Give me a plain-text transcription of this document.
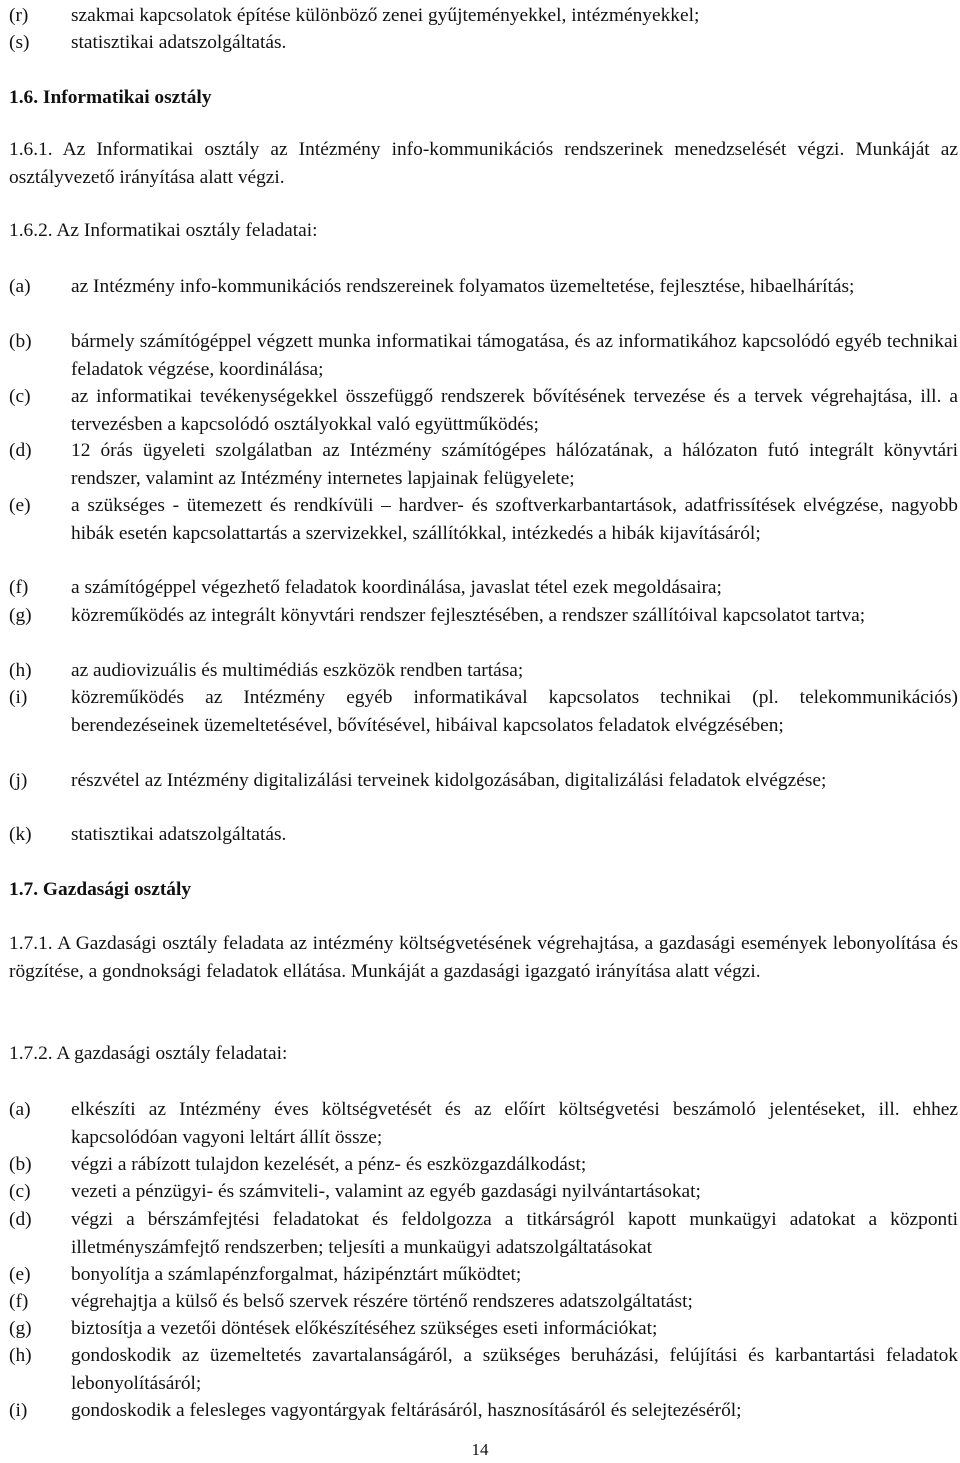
(r) szakmai kapcsolatok építése különböző zenei gyűjteményekkel, intézményekkel;
(s) statisztikai adatszolgáltatás.
1.6. Informatikai osztály
1.6.1. Az Informatikai osztály az Intézmény info-kommunikációs rendszerinek menedzselését végzi. Munkáját az osztályvezető irányítása alatt végzi.
1.6.2. Az Informatikai osztály feladatai:
(a) az Intézmény info-kommunikációs rendszereinek folyamatos üzemeltetése, fejlesztése, hibaelhárítás;
(b) bármely számítógéppel végzett munka informatikai támogatása, és az informatikához kapcsolódó egyéb technikai feladatok végzése, koordinálása;
(c) az informatikai tevékenységekkel összefüggő rendszerek bővítésének tervezése és a tervek végrehajtása, ill. a tervezésben a kapcsolódó osztályokkal való együttműködés;
(d) 12 órás ügyeleti szolgálatban az Intézmény számítógépes hálózatának, a hálózaton futó integrált könyvtári rendszer, valamint az Intézmény internetes lapjainak felügyelete;
(e) a szükséges - ütemezett és rendkívüli – hardver- és szoftverkarbantartások, adatfrissítések elvégzése, nagyobb hibák esetén kapcsolattartás a szervizekkel, szállítókkal, intézkedés a hibák kijavításáról;
(f) a számítógéppel végezhető feladatok koordinálása, javaslat tétel ezek megoldásaira;
(g) közreműködés az integrált könyvtári rendszer fejlesztésében, a rendszer szállítóival kapcsolatot tartva;
(h) az audiovizuális és multimédiás eszközök rendben tartása;
(i) közreműködés az Intézmény egyéb informatikával kapcsolatos technikai (pl. telekommunikációs) berendezéseinek üzemeltetésével, bővítésével, hibáival kapcsolatos feladatok elvégzésében;
(j) részvétel az Intézmény digitalizálási terveinek kidolgozásában, digitalizálási feladatok elvégzése;
(k) statisztikai adatszolgáltatás.
1.7. Gazdasági osztály
1.7.1. A Gazdasági osztály feladata az intézmény költségvetésének végrehajtása, a gazdasági események lebonyolítása és rögzítése, a gondnoksági feladatok ellátása. Munkáját a gazdasági igazgató irányítása alatt végzi.
1.7.2. A gazdasági osztály feladatai:
(a) elkészíti az Intézmény éves költségvetését és az előírt költségvetési beszámoló jelentéseket, ill. ehhez kapcsolódóan vagyoni leltárt állít össze;
(b) végzi a rábízott tulajdon kezelését, a pénz- és eszközgazdálkodást;
(c) vezeti a pénzügyi- és számviteli-, valamint az egyéb gazdasági nyilvántartásokat;
(d) végzi a bérszámfejtési feladatokat és feldolgozza a titkárságról kapott munkaügyi adatokat a központi illetményszámfejtő rendszerben; teljesíti a munkaügyi adatszolgáltatásokat
(e) bonyolítja a számlapénzforgalmat, házipénztárt működtet;
(f) végrehajtja a külső és belső szervek részére történő rendszeres adatszolgáltatást;
(g) biztosítja a vezetői döntések előkészítéséhez szükséges eseti információkat;
(h) gondoskodik az üzemeltetés zavartalanságáról, a szükséges beruházási, felújítási és karbantartási feladatok lebonyolításáról;
(i) gondoskodik a felesleges vagyontárgyak feltárásáról, hasznosításáról és selejtezéséről;
14
